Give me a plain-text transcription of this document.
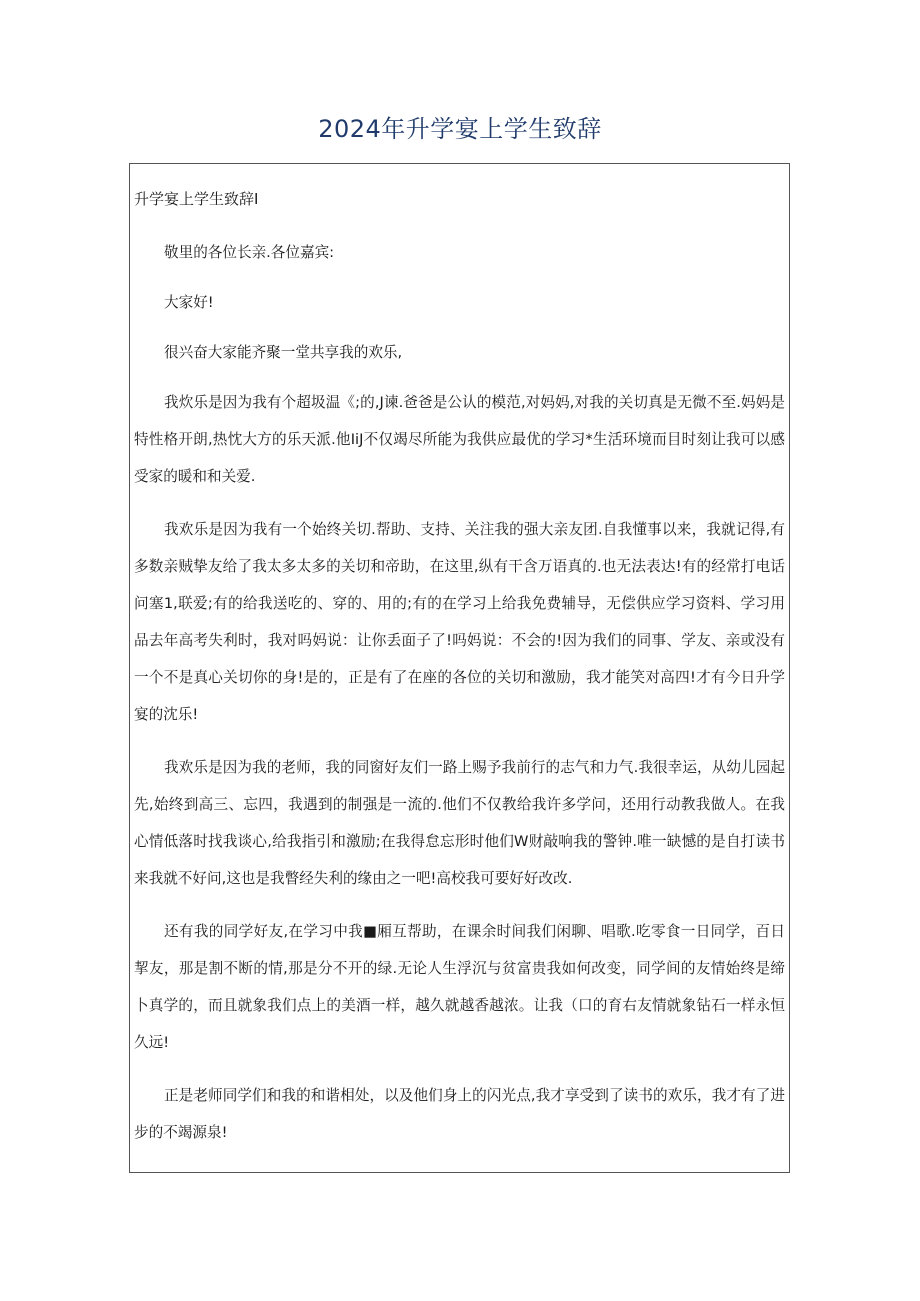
2024年升学宴上学生致辞
升学宴上学生致辞I

敬里的各位长亲.各位嘉宾:

大家好!

很兴奋大家能齐聚一堂共享我的欢乐,

我炊乐是因为我有个超圾温《;的,J谏.爸爸是公认的模范,对妈妈,对我的关切真是无微不至.妈妈是特性格开朗,热忱大方的乐天派.他IiJ不仅竭尽所能为我供应最优的学习*生活环境而目时刻让我可以感受家的暖和和关爱.

我欢乐是因为我有一个始终关切.帮助、支持、关注我的强大亲友团.自我懂事以来，我就记得,有多数亲贼挚友给了我太多太多的关切和帝助，在这里,纵有干含万语真的.也无法表达!有的经常打电话问塞1,联爱;有的给我送吃的、穿的、用的;有的在学习上给我免费辅导，无偿供应学习资料、学习用品去年高考失利时，我对吗妈说：让你丢面子了!吗妈说：不会的!因为我们的同事、学友、亲或没有一个不是真心关切你的身!是的，正是有了在座的各位的关切和激励，我才能笑对高四!才有今日升学宴的沈乐!

我欢乐是因为我的老师，我的同窗好友们一路上赐予我前行的志气和力气.我很幸运，从幼儿园起先,始终到高三、忘四，我遇到的制强是一流的.他们不仅教给我许多学问，还用行动教我做人。在我心情低落时找我谈心,给我指引和激励;在我得怠忘形时他们W财敲响我的警钟.唯一缺憾的是自打读书来我就不好问,这也是我瞥经失利的缘由之一吧!高校我可要好好改改.

还有我的同学好友,在学习中我■厢互帮助，在课余时间我们闲聊、唱歌.吃零食一日同学，百日挈友，那是割不断的情,那是分不开的绿.无论人生浮沉与贫富贵我如何改变，同学间的友情始终是缔卜真学的，而且就象我们点上的美酒一样，越久就越香越浓。让我（口的育右友情就象钻石一样永恒久远!

正是老师同学们和我的和谐相处，以及他们身上的闪光点,我才享受到了读书的欢乐，我才有了进步的不竭源泉!
